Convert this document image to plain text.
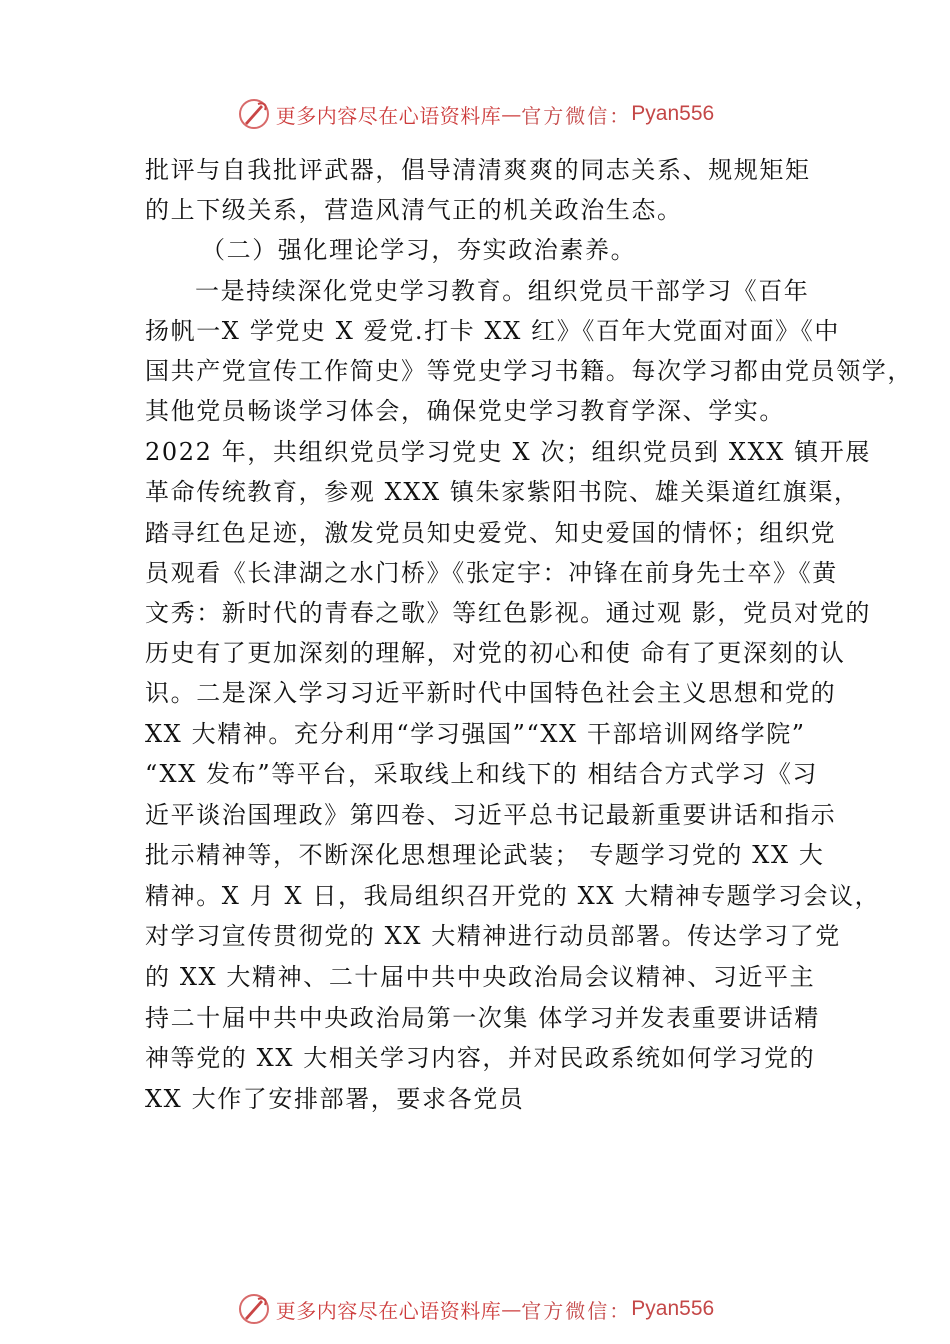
更多内容尽在心语资料库 — 官方微信： Pyan556
批评与自我批评武器，倡导清清爽爽的同志关系、规规矩矩
的上下级关系，营造风清气正的机关政治生态。
（二）强化理论学习，夯实政治素养。
一是持续深化党史学习教育。组织党员干部学习《百年
扬帆一X 学党史 X 爱党.打卡 XX 红》《百年大党面对面》《中
国共产党宣传工作简史》等党史学习书籍。每次学习都由党员领学，
其他党员畅谈学习体会，确保党史学习教育学深、学实。
2022 年，共组织党员学习党史 X 次；组织党员到 XXX 镇开展
革命传统教育，参观 XXX 镇朱家紫阳书院、雄关渠道红旗渠，
踏寻红色足迹，激发党员知史爱党、知史爱国的情怀；组织党
员观看《长津湖之水门桥》《张定宇：冲锋在前身先士卒》《黄
文秀：新时代的青春之歌》等红色影视。通过观 影，党员对党的
历史有了更加深刻的理解，对党的初心和使 命有了更深刻的认
识。二是深入学习习近平新时代中国特色社会主义思想和党的
XX 大精神。充分利用“学习强国”“XX 干部培训网络学院”
“XX 发布”等平台，采取线上和线下的 相结合方式学习《习
近平谈治国理政》第四卷、习近平总书记最新重要讲话和指示
批示精神等，不断深化思想理论武装； 专题学习党的 XX 大
精神。X 月 X 日，我局组织召开党的 XX 大精神专题学习会议，
对学习宣传贯彻党的 XX 大精神进行动员部署。传达学习了党
的 XX 大精神、二十届中共中央政治局会议精神、习近平主
持二十届中共中央政治局第一次集 体学习并发表重要讲话精
神等党的 XX 大相关学习内容，并对民政系统如何学习党的
XX 大作了安排部署，要求各党员
更多内容尽在心语资料库 — 官方微信： Pyan556
